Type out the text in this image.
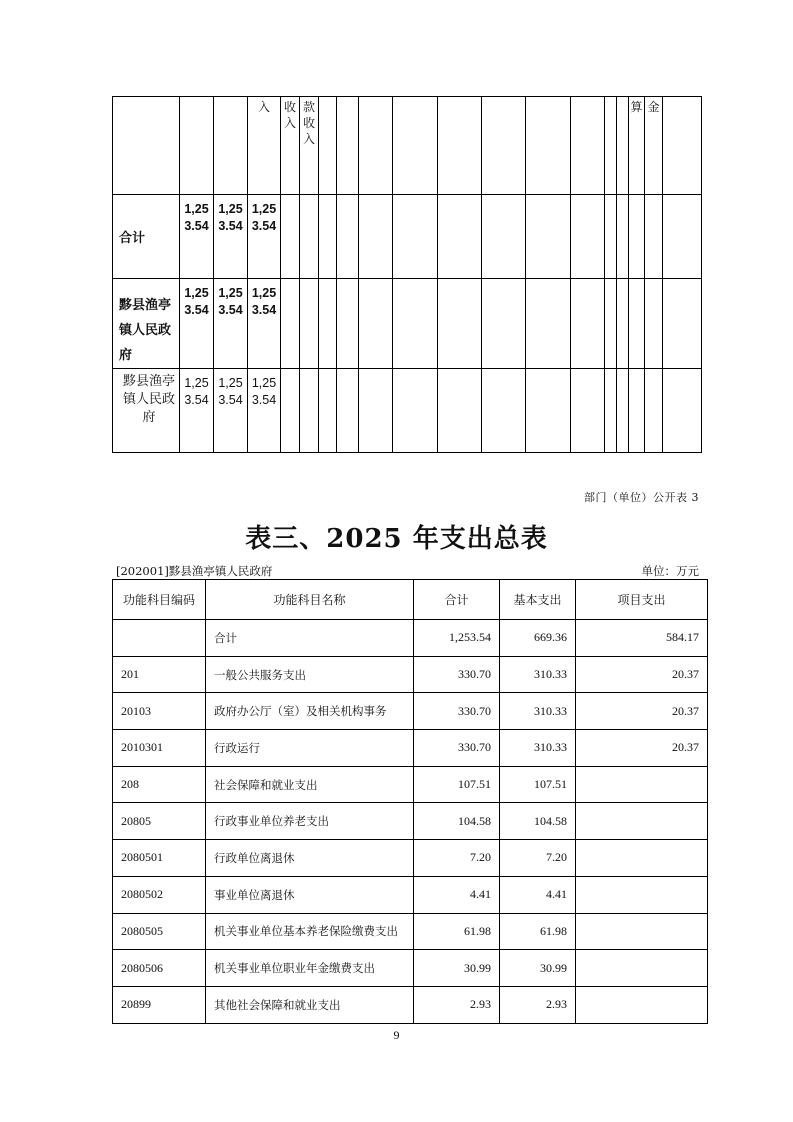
			入	收入	款收入											算	金	

合计	1,253.54	1,253.54	1,253.54															

黟县渔亭镇人民政府	1,253.54	1,253.54	1,253.54															

黟县渔亭镇人民政府	1,253.54	1,253.54	1,253.54															

部门（单位）公开表 3
表三、2025 年支出总表
[202001]黟县渔亭镇人民政府	单位：万元
功能科目编码	功能科目名称	合计	基本支出	项目支出
	合计	1,253.54	669.36	584.17
201	一般公共服务支出	330.70	310.33	20.37
20103	政府办公厅（室）及相关机构事务	330.70	310.33	20.37
2010301	行政运行	330.70	310.33	20.37
208	社会保障和就业支出	107.51	107.51	
20805	行政事业单位养老支出	104.58	104.58	
2080501	行政单位离退休	7.20	7.20	
2080502	事业单位离退休	4.41	4.41	
2080505	机关事业单位基本养老保险缴费支出	61.98	61.98	
2080506	机关事业单位职业年金缴费支出	30.99	30.99	
20899	其他社会保障和就业支出	2.93	2.93	
9
